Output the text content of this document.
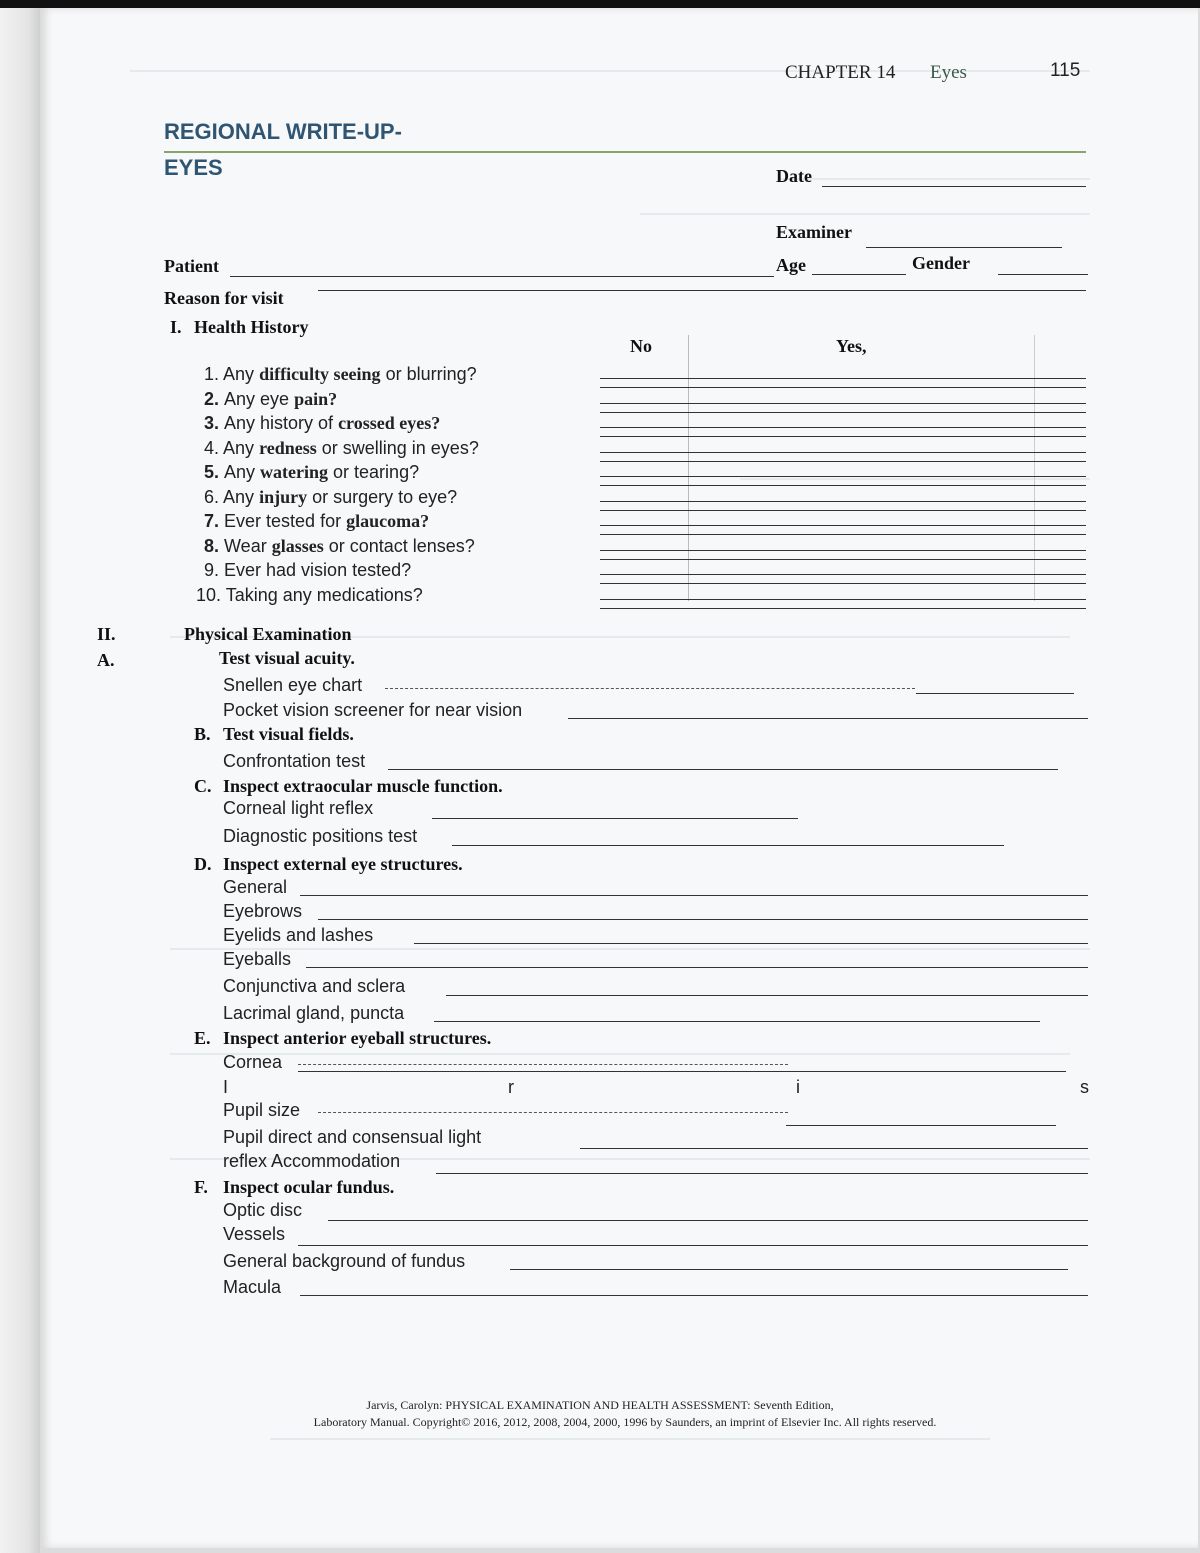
CHAPTER 14 Eyes	115
REGIONAL WRITE-UP-
EYES	Date
Examiner
Patient	Age	Gender
Reason for visit
I. Health History
No	Yes,
1. Any difficulty seeing or blurring?
2. Any eye pain?
3. Any history of crossed eyes?
4. Any redness or swelling in eyes?
5. Any watering or tearing?
6. Any injury or surgery to eye?
7. Ever tested for glaucoma?
8. Wear glasses or contact lenses?
9. Ever had vision tested?
10. Taking any medications?
II.	Physical Examination
A.	Test visual acuity.
Snellen eye chart
Pocket vision screener for near vision
B. Test visual fields.
Confrontation test
C. Inspect extraocular muscle function.
Corneal light reflex
Diagnostic positions test
D. Inspect external eye structures.
General
Eyebrows
Eyelids and lashes
Eyeballs
Conjunctiva and sclera
Lacrimal gland, puncta
E. Inspect anterior eyeball structures.
Cornea
I	r	i	s
Pupil size
Pupil direct and consensual light
reflex Accommodation
F. Inspect ocular fundus.
Optic disc
Vessels
General background of fundus
Macula
Jarvis, Carolyn: PHYSICAL EXAMINATION AND HEALTH ASSESSMENT: Seventh Edition,
Laboratory Manual. Copyright© 2016, 2012, 2008, 2004, 2000, 1996 by Saunders, an imprint of Elsevier Inc. All rights reserved.
